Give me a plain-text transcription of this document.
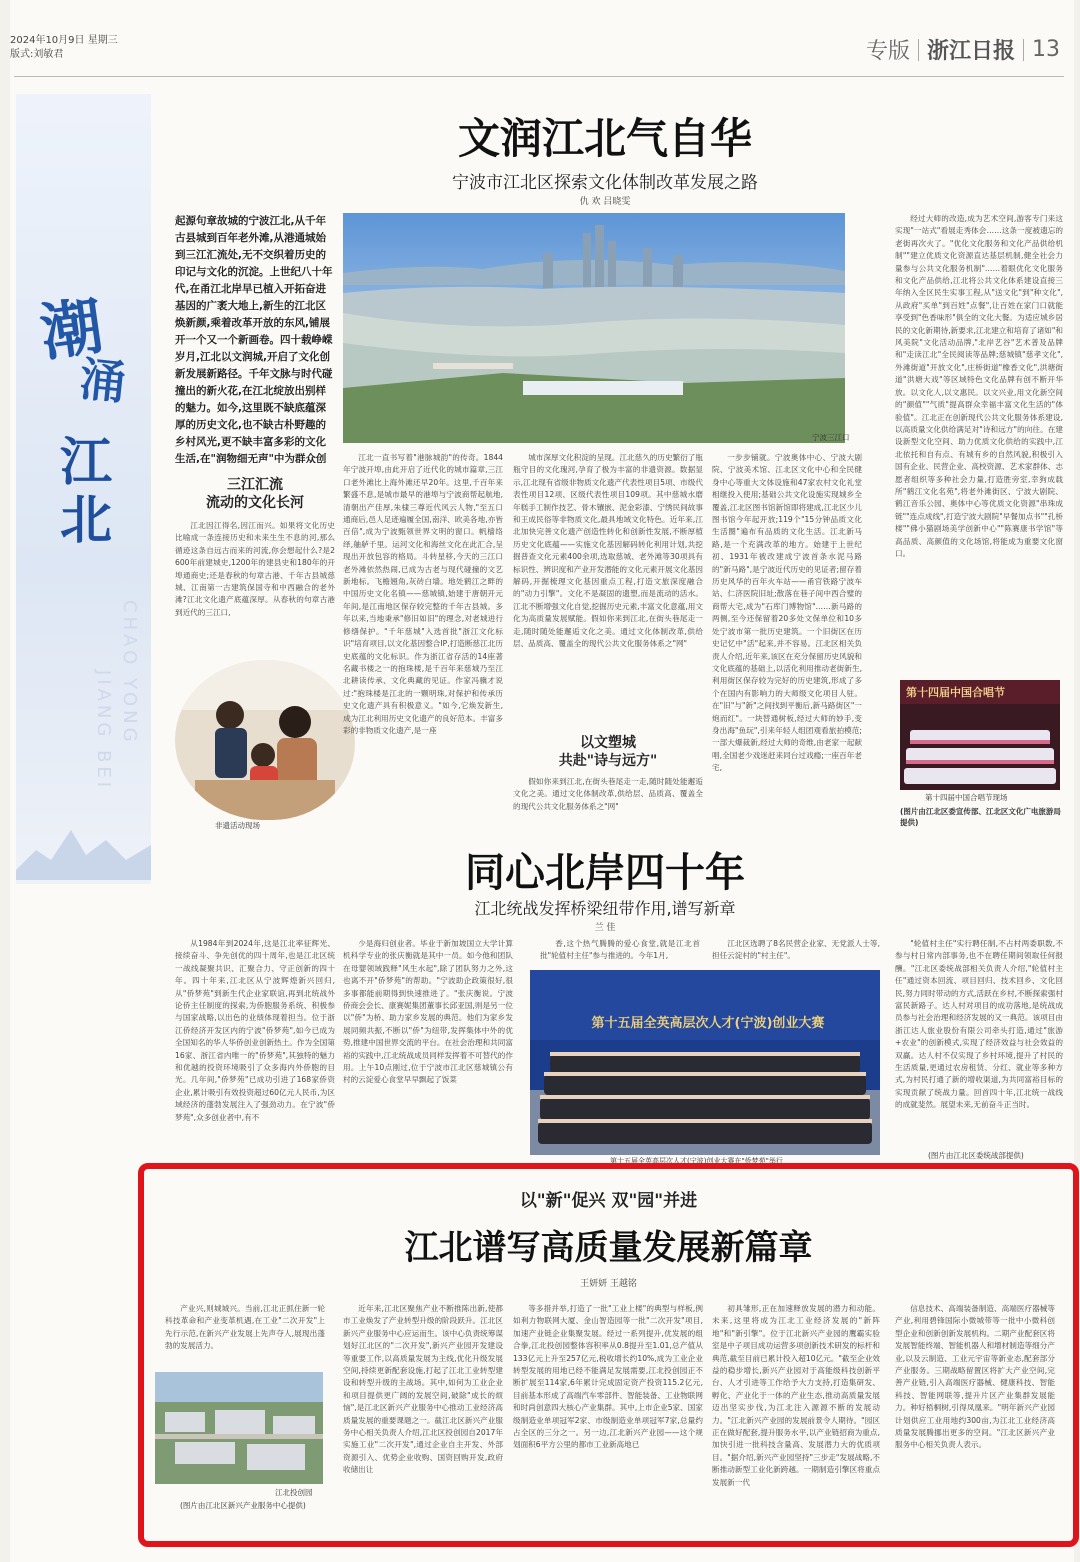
2024年10月9日 星期三
版式:刘敏君	专版 浙江日报 13
潮
涌
江
北
CHAO YONG
JIANG BEI
文润江北气自华
宁波市江北区探索文化体制改革发展之路
仇 欢 吕晓雯
起源句章故城的宁波江北,从千年古县城到百年老外滩,从港通城始到三江汇流处,无不交织着历史的印记与文化的沉淀。上世纪八十年代,在甬江北岸早已植入开拓奋进基因的广袤大地上,新生的江北区焕新颜,乘着改革开放的东风,铺展开一个又一个新画卷。四十载峥嵘岁月,江北以文润城,开启了文化创新发展新路径。千年文脉与时代碰撞出的新火花,在江北绽放出别样的魅力。如今,这里既不缺底蕴深厚的历史文化,也不缺古朴野趣的乡村风光,更不缺丰富多彩的文化生活,在"润物细无声"中为群众创
三江汇流
流动的文化长河

江北因江得名,因江而兴。如果将文化历史比喻成一条连接历史和未来生生不息的河,那么循迹这条自远古而来的河流,你会想起什么?是2600年前建城史,1200年的建县史和180年的开埠通商史;还是春秋的句章古港、千年古县城慈城、江南第一古建筑保国寺和中西融合的老外滩?江北文化遗产底蕴深厚。从春秋的句章古港到近代的三江口,

非遗活动现场
宁波三江口

江北一直书写着"港脉城韵"的传奇。1844年宁波开埠,由此开启了近代化的城市篇章,三江口老外滩比上海外滩还早20年。这里,千百年来繁盛不息,是城市最早的港埠与宁波商帮起航地,清朝出产佳厚,朱棣三尊近代风云人物,"至五口通商后,邑人足迹遍履全国,南洋、欧美各地,亦皆百倍",成为宁波甄领世界文明的窗口。帆樯络绎,舳舻千里。运河文化和海丝文化在此汇合,呈现出开放包容的格局。斗转星移,今天的三江口老外滩依然热闹,已成为古老与现代碰撞的文艺新地标。飞檐翘角,灰砖白墙。地处鹤江之畔的中国历史文化名镇——慈城镇,始建于唐朝开元年间,是江南地区保存较完整的千年古县城。多年以来,当地秉承"修旧如旧"的理念,对老城进行修缮保护。"千年慈城"入选首批"浙江文化标识"培育项目,以文化基因整合IP,打造断慈江北历史底蕴的文化标识。作为浙江省存活的14座著名藏书楼之一的抱珠楼,是千百年来慈城乃至江北耕读传承、文化典藏的见证。作家冯骥才说过:"抱珠楼是江北的一颗明珠,对保护和传承历史文化遗产具有积极意义。"如今,它焕发新生,成为江北利用历史文化遗产的良好范本。丰富多彩的非物质文化遗产,是一座

城市深厚文化积淀的呈现。江北慈久的历史繁衍了瓶瓶守目的文化瑰河,孕育了极为丰富的非遗资源。数据显示,江北现有省级非物质文化遗产代表性项目5项、市级代表性项目12项、区级代表性项目109项。其中慈城水磨年糕手工制作技艺、骨木镶嵌、泥金彩漆、宁绣民间故事和王成民俗等非物质文化,最具地域文化特色。近年来,江北加快完善文化遗产创造性转化和创新性发展,不断厚植历史文化底蕴——实施文化基因解码转化利用计划,共挖掘普查文化元素400余项,选取慈城、老外滩等30项具有标识性、辨识度和产业开发潜能的文化元素开展文化基因解码,开掘梳理文化基因重点工程,打造文旅深度融合的"动力引擎"。文化不是凝固的遗塑,而是流动的活水。江北不断增强文化自觉,挖掘历史元素,丰富文化意蕴,用文化为高质量发展赋能。假如你来到江北,在街头巷尾走一走,随时随处能邂逅文化之美。通过文化体制改革,供给层、品质高、覆盖全的现代公共文化服务体系之"网"

以文塑城
共赴"诗与远方"

假如你来到江北,在街头巷尾走一走,随时随处能邂逅文化之美。通过文化体制改革,供给层、品质高、覆盖全的现代公共文化服务体系之"网"

一步步铺就。宁波奥体中心、宁波大剧院、宁波美术馆、江北区文化中心和全民健身中心等重大文体设施和47家农村文化礼堂相继投入使用;基础公共文化设施实现城乡全覆盖,江北区图书馆新馆即将建成,江北区少儿图书馆今年起开放;119个"15分钟品质文化生活圈"遍布有品质的文化生活。江北新马路,是一个充满改革的地方。始建于上世纪初、1931年被改建成宁波首条水泥马路的"新马路",是宁波近代历史的见证者;留存着历史风华的百年火车站——甬官铁路宁波车站、仁济医院旧址;散落在巷子间中西合璧的商帮大宅,成为"石库门博物馆"……新马路的两侧,至今还保留着20多处文保单位和10多处宁波市第一批历史建筑。一个旧街区在历史记忆中"活"起来,并不容易。江北区相关负责人介绍,近年来,该区在充分保留历史风貌和文化底蕴的基础上,以活化利用推动老街新生,利用街区保存较为完好的历史建筑,形成了多个在国内有影响力的大师级文化项目人驻。在"旧"与"新"之间找到平衡后,新马路街区"一炮而红"。一块替通树板,经过大师的妙手,变身出海"鱼玩",引来年轻人组团观看旅拍模范;一部大爆裁新,经过大师的奇维,由老家一起献唱,全国老少戏迷赶来同台过戏瘾;一座百年老宅,

经过大师的改造,成为艺术空间,游客专门来这实现"一站式"看展走秀体会……这条一度被遗忘的老街再次火了。"优化文化服务和文化产品供给机制""建立优质文化资源直达基层机制,健全社会力量参与公共文化服务机制"……着眼优化文化服务和文化产品供给,江北将公共文化体系建设直接三年纳入全区民生实事工程,从"送文化"到"种文化",从政府"买单"到百姓"点餐",让百姓在家门口就能享受到"色香味形"俱全的文化大餐。为适应城乡居民的文化新期待,新要求,江北建立和培育了诸如"和风美院"文化活动品牌,"北岸艺谷"艺术普及品牌和"走读江北"全民阅读等品牌;慈城镇"慈孝文化",外滩街道"开放文化",庄桥街道"橡香文化",洪塘街道"洪塘大戏"等区域特色文化品牌有创不断开华放。以文化人,以文惠民。以文兴业,用文化新空间的"颜值""气质"提高群众幸福丰富文化生活的"体验值"。江北正在创新现代公共文化服务体系建设,以高质量文化供给满足对"诗和远方"的向往。在建设新型文化空间、助力优质文化供给的实践中,江北依托和自有点、有城有乡的自然风貌,积极引入国有企业、民营企业、高校资源、艺术家群体、志愿者组织等多种社会力量,打造胜旁室,幸狗成载所"鹤江文化名苑",将老外滩街区、宁波大剧院、鹤江音乐公园、奥体中心等优质文化资源"串珠成链""连点成线",打造宁波大剧院"早餐加点书""孔桥楼""佛小猫剧场美学创新中心""陈赛康书学馆"等高品质、高颜值的文化场馆,将能成为重要文化窗口。

第十四届中国合唱节
第十四届中国合唱节现场
(图片由江北区委宣传部、江北区文化广电旅游局提供)
同心北岸四十年
江北统战发挥桥梁纽带作用,谱写新章
兰 佳

从1984年到2024年,这是江北率征辉光、接续奋斗、争先创优的四十周年,也是江北区统一战线凝聚共识、汇聚合力、守正创新的四十年。四十年来,江北区从宁波辉煌新兴回归,从"侨梦苑"到新生代企业家联谊,再到北统战外论侨主任制度的探索,为侨胞服务系统、积极参与国家战略,以出色的业绩体现着担当。位于浙江侨经济开发区内的宁波"侨梦苑",如今已成为全国知名的华人华侨创业创新热土。作为全国第16家、浙江省内唯一的"侨梦苑",其独特的魅力和优越的投资环境吸引了众多海内外侨胞的目光。几年间,"侨梦苑"已成功引进了168家侨资企业,累计吸引有效投资超过60亿元人民币,为区域经济的蓬勃发展注入了强劲动力。在宁波"侨梦苑",众多创业者中,有不

少是海归创业者。毕业于新加坡国立大学计算机科学专业的张庆衡就是其中一员。如今他和团队在母婴领域践释"风生水起",除了团队努力之外,这也离不开"侨梦苑"的帮助。"宁波助企政策很好,很多事都能前期得到快速推进了。"张庆衡说。宁波侨商会会长、康赛妮集团董事长邱亚国,则是另一位以"侨"为桥、助力家乡发展的典范。他们为家乡发展同频共振,不断以"侨"为纽带,发挥集体中外的优势,推建中国世界交流的平台。在社会治理和共同富裕的实践中,江北统战成员同样发挥着不可替代的作用。上午10点刚过,位于宁波市江北区慈城镇公有村的云淀爱心食堂早早飘起了饭菜

香,这个热气腾腾的爱心食堂,就是江北首批"轮值村主任"参与推进的。今年1月,

江北区选聘了8名民营企业家、无党派人士等,担任云淀村的"村主任"。

"轮值村主任"实行聘任制,不占村两委职数,不参与村日常内部事务,也不在聘任期间领取任何报酬。"江北区委统战部相关负责人介绍,"轮值村主任"通过资本回流、项目回归、技术回乡、文化回民,努力同时带动的方式,活跃在乡村,不断探索强村富民新路子。达人村对项目的成功落地,是统战成员参与社会治理和经济发展的又一典范。该项目由浙江达人旅业股份有限公司牵头打造,通过"旅游+农业"的创新模式,实现了经济效益与社会效益的双赢。达人村不仅实现了乡村环境,提升了村民的生活质量,更通过农房租赁、分红、就业等多种方式,为村民打通了新的增收渠道,为共同富裕目标的实现贡献了统战力量。回首四十年,江北统一战线的成就斐然。展望未来,无前奋斗正当时。

第十五届全英高层次人才(宁波)创业大赛
第十五届全英高层次人才(宁波)创业大赛在"侨梦苑"举行
(图片由江北区委统战部提供)
以"新"促兴 双"园"并进
江北谱写高质量发展新篇章
王妍妍 王越铭

产业兴,则城城兴。当前,江北正抓住新一轮科技革命和产业变革机遇,在工业"二次开发"上先行示范,在新兴产业发展上先声夺人,展现出蓬勃的发展活力。

江北投创园
(图片由江北区新兴产业服务中心提供)

近年来,江北区聚焦产业不断推陈出新,使都市工业焕发了产业转型升级的阶段跃升。江北区新兴产业服务中心应运而生。该中心负责统筹谋划好江北区的"二次开发",新兴产业园开发建设等重要工作,以高质量发展为主线,优化升级发展空间,持续更新配套设施,打起了江北工业转型建设和转型升级的主战场。其中,如何为工业企业和项目提供更广阔的发展空间,破除"成长的烦恼",是江北区新兴产业服务中心推动工业经济高质量发展的重要课题之一。截江北区新兴产业服务中心相关负责人介绍,江北区投创园自2017年实施工业"二次开发",通过企业自主开发、外部资源引入、优势企业收购、国资回购开发,政府收储出让

等多措并举,打造了一批"工业上楼"的典型与样板,例如利力物联网大厦、金山智造园等一批"二次开发"项目,加速产业链企业集聚发展。经过一系列提升,优发展的组合拳,江北投创园整体容积率从0.8提升至1.01,总产值从133亿元上升至257亿元,税收增长约10%,成为工业企业转型发展的用地已经不能满足发展需要,江北投创园正不断扩展至114家,6年累计完成固定资产投资115.2亿元,目前基本形成了高端汽车零部件、智能装备、工业物联网和时尚创意四大核心产业集群。其中,上市企业5家、国家级制造业单项冠军2家、市级制造业单项冠军7家,总量约占全区的三分之一。另一边,江北新兴产业园——这个规划面积6平方公里的都市工业新高地已

初具雏形,正在加速释放发展的潜力和动能。未来,这里将成为江北工业经济发展的"新阵地"和"新引擎"。位于江北新兴产业园的鹰霸实验室是中子项目成功运营多项创新技术研发的标杆和典范,截至目前已累计投入超10亿元。"截至企业效益的稳步增长,新兴产业园对于高能级科技创新平台、人才引进等工作给予大力支持,打造集研发、孵化、产业化于一体的产业生态,推动高质量发展迈出坚实步伐,为江北注入源源不断的发展动力。"江北新兴产业园的发展前景令人期待。"园区正在做好配套,提升服务水平,以产业链招商为重点,加快引进一批科技含量高、发展潜力大的优质项目。"据介绍,新兴产业园坚持"三步走"发展战略,不断推动新型工业化新跨越。一期制造引擎区将重点发展新一代

信息技术、高端装备制造、高端医疗器械等产业,利用碧锋国际小微城带等一批中小微科创型企业和创新创新发展机构。二期产业配套区将发展智能终端、智能机器人和增材制造等细分产业,以及云制造、工业元宇宙等新业态,配套部分产业服务。三期战略留置区将扩大产业空间,完善产业链,引入高端医疗器械、健康科技、智能科技、智能网联等,提升片区产业集群发展能力。种好梧桐树,引得凤凰来。"明年新兴产业园计划供应工业用地约300亩,为江北工业经济高质量发展腾挪出更多的空间。"江北区新兴产业服务中心相关负责人表示。
